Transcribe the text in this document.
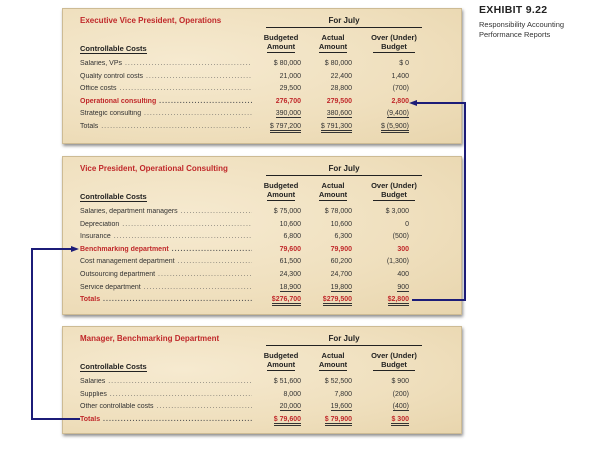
EXHIBIT 9.22
Responsibility Accounting
Performance Reports
Executive Vice President, Operations	For July
Budgeted
Amount
Actual
Amount
Over (Under)
Budget
Controllable Costs
Salaries, VPs .....	$ 80,000	$ 80,000	$ 0
Quality control costs .....	21,000	22,400	1,400
Office costs .....	29,500	28,800	(700)
Operational consulting .....	276,700	279,500	2,800
Strategic consulting .....	390,000	380,600	(9,400)
Totals .....	$ 797,200	$ 791,300	$ (5,900)
Vice President, Operational Consulting	For July
Budgeted
Amount
Actual
Amount
Over (Under)
Budget
Controllable Costs
Salaries, department managers .....	$ 75,000	$ 78,000	$ 3,000
Depreciation .....	10,600	10,600	0
Insurance .....	6,800	6,300	(500)
Benchmarking department .....	79,600	79,900	300
Cost management department .....	61,500	60,200	(1,300)
Outsourcing department .....	24,300	24,700	400
Service department .....	18,900	19,800	900
Totals .....	$276,700	$279,500	$2,800
Manager, Benchmarking Department	For July
Budgeted
Amount
Actual
Amount
Over (Under)
Budget
Controllable Costs
Salaries .....	$ 51,600	$ 52,500	$ 900
Supplies .....	8,000	7,800	(200)
Other controllable costs .....	20,000	19,600	(400)
Totals .....	$ 79,600	$ 79,900	$ 300
